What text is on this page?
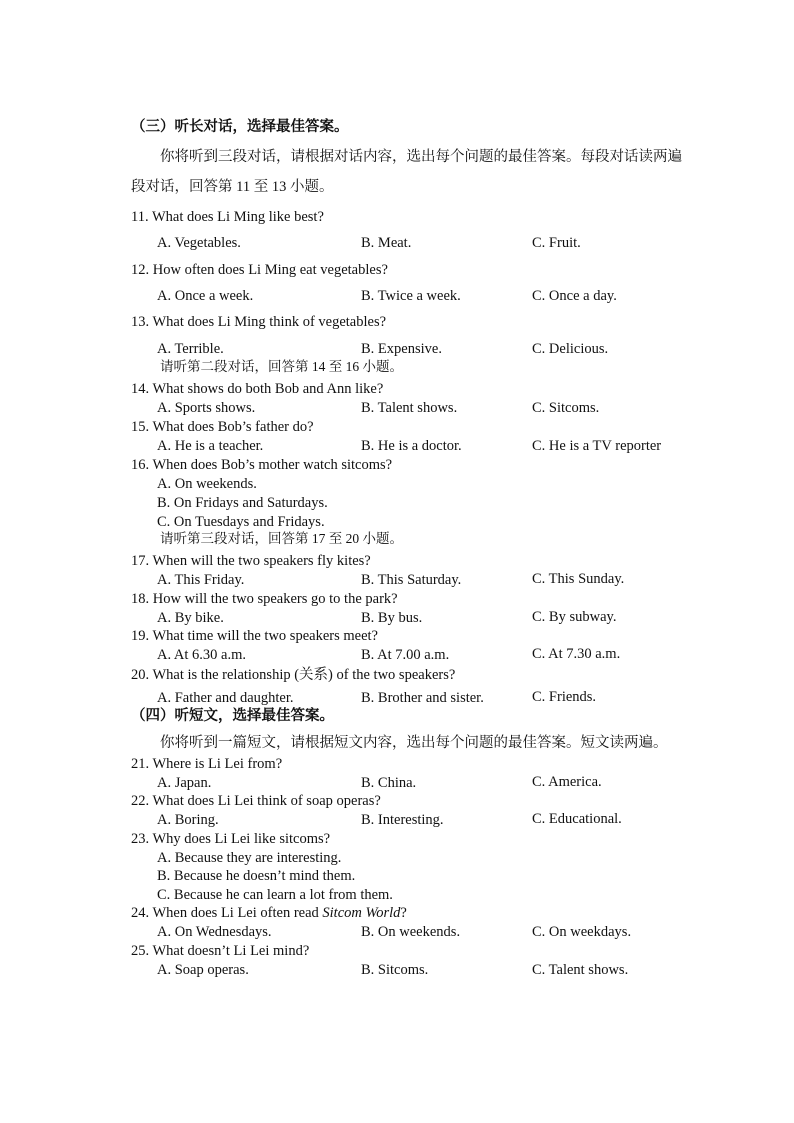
（三）听长对话，选择最佳答案。
你将听到三段对话，请根据对话内容，选出每个问题的最佳答案。每段对话读两遍
段对话，回答第 11 至 13 小题。
11. What does Li Ming like best?
A. Vegetables.	B. Meat.	C. Fruit.
12. How often does Li Ming eat vegetables?
A. Once a week.	B. Twice a week.	C. Once a day.
13. What does Li Ming think of vegetables?
A. Terrible.	B. Expensive.	C. Delicious.
请听第二段对话，回答第 14 至 16 小题。
14. What shows do both Bob and Ann like?
A. Sports shows.	B. Talent shows.	C. Sitcoms.
15. What does Bob’s father do?
A. He is a teacher.	B. He is a doctor.	C. He is a TV reporter
16. When does Bob’s mother watch sitcoms?
A. On weekends.
B. On Fridays and Saturdays.
C. On Tuesdays and Fridays.
请听第三段对话，回答第 17 至 20 小题。
17. When will the two speakers fly kites?
A. This Friday.	B. This Saturday.	C. This Sunday.
18. How will the two speakers go to the park?
A. By bike.	B. By bus.	C. By subway.
19. What time will the two speakers meet?
A. At 6.30 a.m.	B. At 7.00 a.m.	C. At 7.30 a.m.
20. What is the relationship (关系) of the two speakers?
A. Father and daughter.	B. Brother and sister.	C. Friends.
（四）听短文，选择最佳答案。
你将听到一篇短文，请根据短文内容，选出每个问题的最佳答案。短文读两遍。
21. Where is Li Lei from?
A. Japan.	B. China.	C. America.
22. What does Li Lei think of soap operas?
A. Boring.	B. Interesting.	C. Educational.
23. Why does Li Lei like sitcoms?
A. Because they are interesting.
B. Because he doesn’t mind them.
C. Because he can learn a lot from them.
24. When does Li Lei often read Sitcom World?
A. On Wednesdays.	B. On weekends.	C. On weekdays.
25. What doesn’t Li Lei mind?
A. Soap operas.	B. Sitcoms.	C. Talent shows.
